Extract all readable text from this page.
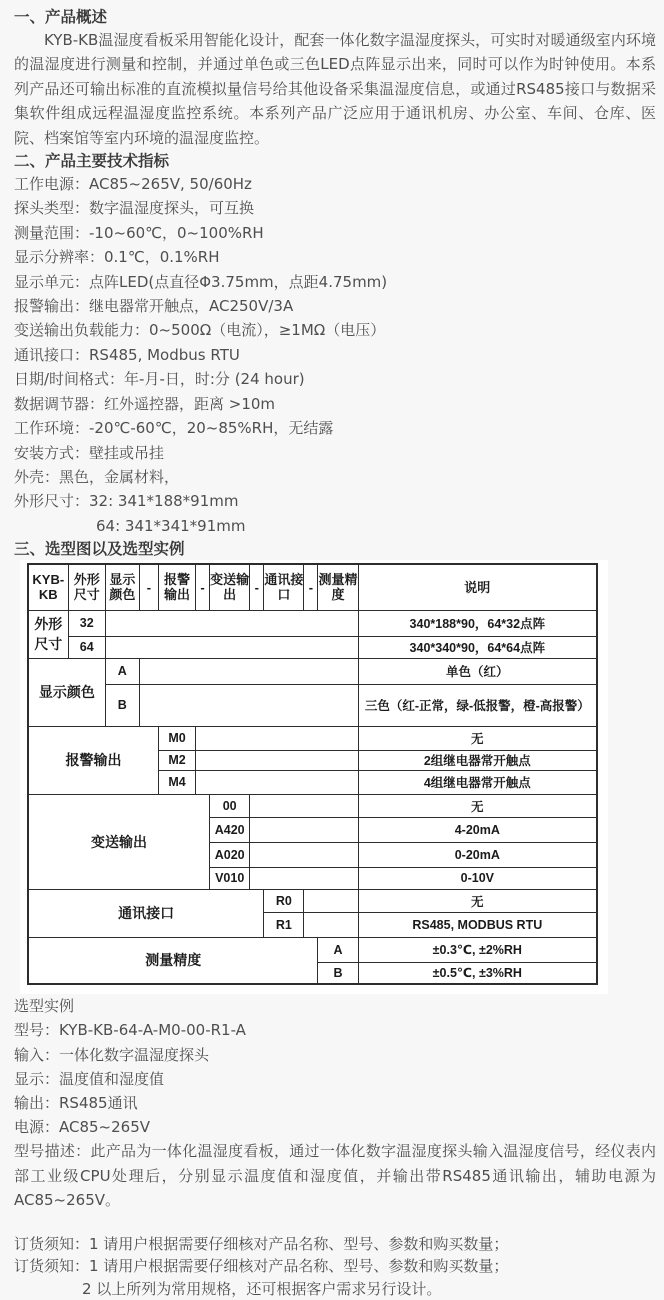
一、产品概述

KYB-KB温湿度看板采用智能化设计，配套一体化数字温湿度探头，可实时对暖通级室内环境的温湿度进行测量和控制，并通过单色或三色LED点阵显示出来，同时可以作为时钟使用。本系列产品还可输出标准的直流模拟量信号给其他设备采集温湿度信息，或通过RS485接口与数据采集软件组成远程温湿度监控系统。本系列产品广泛应用于通讯机房、办公室、车间、仓库、医院、档案馆等室内环境的温湿度监控。

二、产品主要技术指标
工作电源：AC85~265V, 50/60Hz
探头类型：数字温湿度探头，可互换
测量范围：-10~60℃，0~100%RH
显示分辨率：0.1℃，0.1%RH
显示单元：点阵LED(点直径Φ3.75mm，点距4.75mm)
报警输出：继电器常开触点，AC250V/3A
变送输出负载能力：0~500Ω（电流），≥1MΩ（电压）
通讯接口：RS485, Modbus RTU
日期/时间格式：年-月-日，时:分 (24 hour)
数据调节器：红外遥控器，距离 >10m
工作环境：-20℃-60℃，20~85%RH，无结露
安装方式：壁挂或吊挂
外壳：黑色，金属材料，
外形尺寸：32: 341*188*91mm
64: 341*341*91mm
三、选型图以及选型实例
KYB-KB	外形尺寸	显示颜色	-	报警输出	-	变送输出	-	通讯接口	-	测量精度	说明
外形尺寸	32										340*188*90，64*32点阵
	64										340*340*90，64*64点阵
显示颜色		A									单色（红）
		B									三色（红-正常，绿-低报警，橙-高报警）
报警输出				M0							无
				M2							2组继电器常开触点
				M4							4组继电器常开触点
变送输出						00					无
						A420					4-20mA
						A020					0-20mA
						V010					0-10V
通讯接口								R0			无
								R1			RS485, MODBUS RTU
测量精度										A	±0.3℃, ±2%RH
										B	±0.5℃, ±3%RH
选型实例
型号：KYB-KB-64-A-M0-00-R1-A
输入：一体化数字温湿度探头
显示：温度值和湿度值
输出：RS485通讯
电源：AC85~265V

型号描述：此产品为一体化温湿度看板，通过一体化数字温湿度探头输入温湿度信号，经仪表内部工业级CPU处理后，分别显示温度值和湿度值，并输出带RS485通讯输出，辅助电源为AC85~265V。

订货须知：1 请用户根据需要仔细核对产品名称、型号、参数和购买数量；
订货须知：1 请用户根据需要仔细核对产品名称、型号、参数和购买数量；
2 以上所列为常用规格，还可根据客户需求另行设计。
